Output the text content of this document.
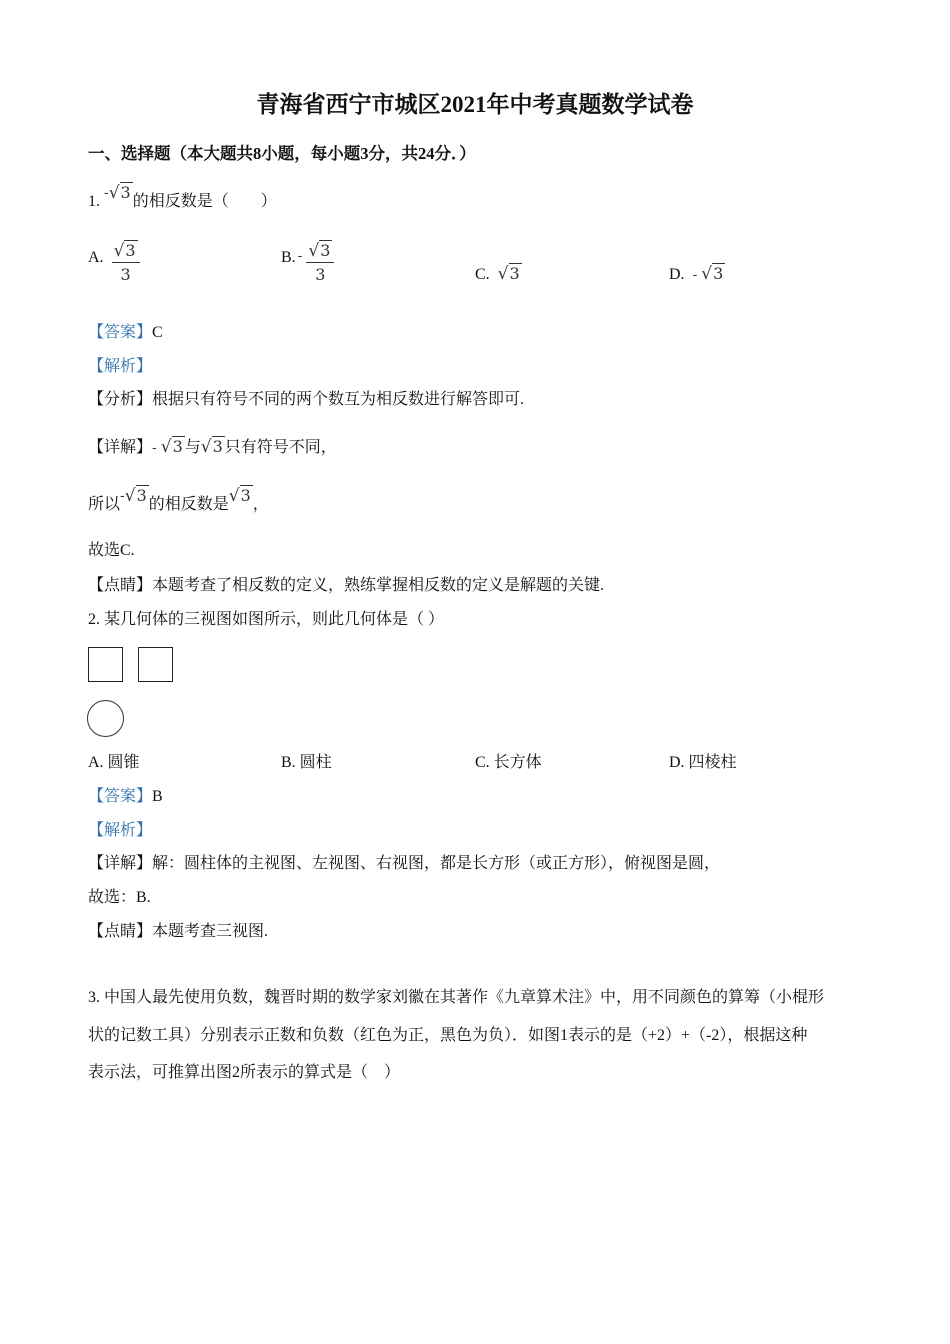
青海省西宁市城区2021年中考真题数学试卷
一、选择题（本大题共8小题，每小题3分，共24分．）
1. -√3 的相反数是（　　）
A. $\frac{√3}{3}$	B. $^- \frac{√3}{3}$	C. √3	D. - √3
【答案】C
【解析】
【分析】根据只有符号不同的两个数互为相反数进行解答即可.
【详解】- √3 与√3 只有符号不同，
所以-√3 的相反数是√3 ，
故选C.
【点睛】本题考查了相反数的定义，熟练掌握相反数的定义是解题的关键.
2. 某几何体的三视图如图所示，则此几何体是（ ）
A. 圆锥	B. 圆柱	C. 长方体	D. 四棱柱
【答案】B
【解析】
【详解】解：圆柱体的主视图、左视图、右视图，都是长方形（或正方形），俯视图是圆，
故选：B.
【点睛】本题考查三视图.
3. 中国人最先使用负数，魏晋时期的数学家刘徽在其著作《九章算术注》中，用不同颜色的算筹（小棍形
状的记数工具）分别表示正数和负数（红色为正，黑色为负）．如图1表示的是（+2）+（-2），根据这种
表示法，可推算出图2所表示的算式是（　）
